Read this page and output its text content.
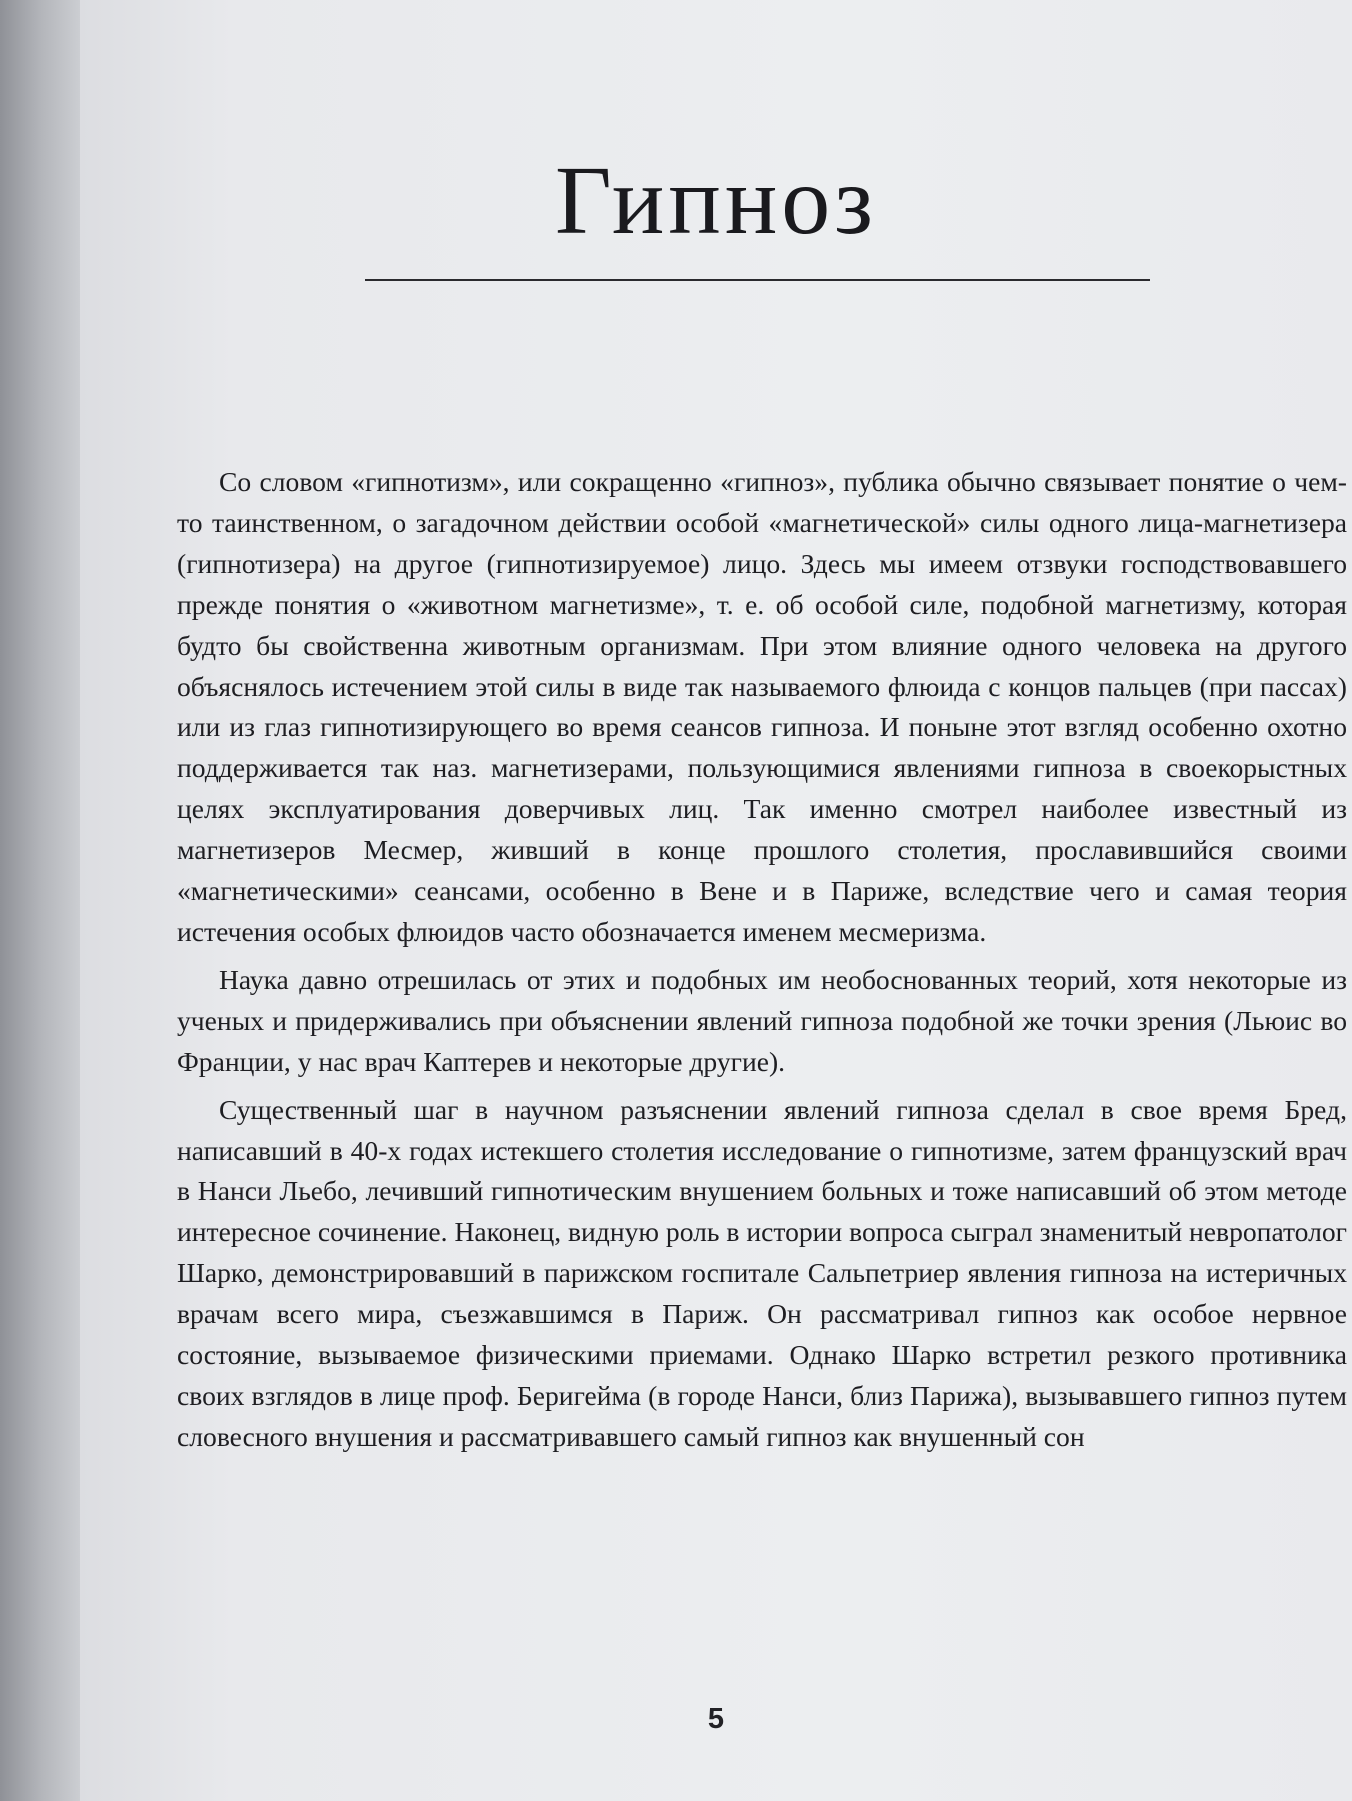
Гипноз

Со словом «гипнотизм», или сокращенно «гипноз», публика обычно связывает понятие о чем-то таинственном, о загадочном действии особой «магнетической» силы одного лица-магнетизера (гипнотизера) на другое (гипнотизируемое) лицо. Здесь мы имеем отзвуки господствовавшего прежде понятия о «животном магнетизме», т. е. об особой силе, подобной магнетизму, которая будто бы свойственна животным организмам. При этом влияние одного человека на другого объяснялось истечением этой силы в виде так называемого флюида с концов пальцев (при пассах) или из глаз гипнотизирующего во время сеансов гипноза. И поныне этот взгляд особенно охотно поддерживается так наз. магнетизерами, пользующимися явлениями гипноза в своекорыстных целях эксплуатирования доверчивых лиц. Так именно смотрел наиболее известный из магнетизеров Месмер, живший в конце прошлого столетия, прославившийся своими «магнетическими» сеансами, особенно в Вене и в Париже, вследствие чего и самая теория истечения особых флюидов часто обозначается именем месмеризма.

Наука давно отрешилась от этих и подобных им необоснованных теорий, хотя некоторые из ученых и придерживались при объяснении явлений гипноза подобной же точки зрения (Льюис во Франции, у нас врач Каптерев и некоторые другие).

Существенный шаг в научном разъяснении явлений гипноза сделал в свое время Бред, написавший в 40-х годах истекшего столетия исследование о гипнотизме, затем французский врач в Нанси Льебо, лечивший гипнотическим внушением больных и тоже написавший об этом методе интересное сочинение. Наконец, видную роль в истории вопроса сыграл знаменитый невропатолог Шарко, демонстрировавший в парижском госпитале Сальпетриер явления гипноза на истеричных врачам всего мира, съезжавшимся в Париж. Он рассматривал гипноз как особое нервное состояние, вызываемое физическими приемами. Однако Шарко встретил резкого противника своих взглядов в лице проф. Беригейма (в городе Нанси, близ Парижа), вызывавшего гипноз путем словесного внушения и рассматривавшего самый гипноз как внушенный сон

5
